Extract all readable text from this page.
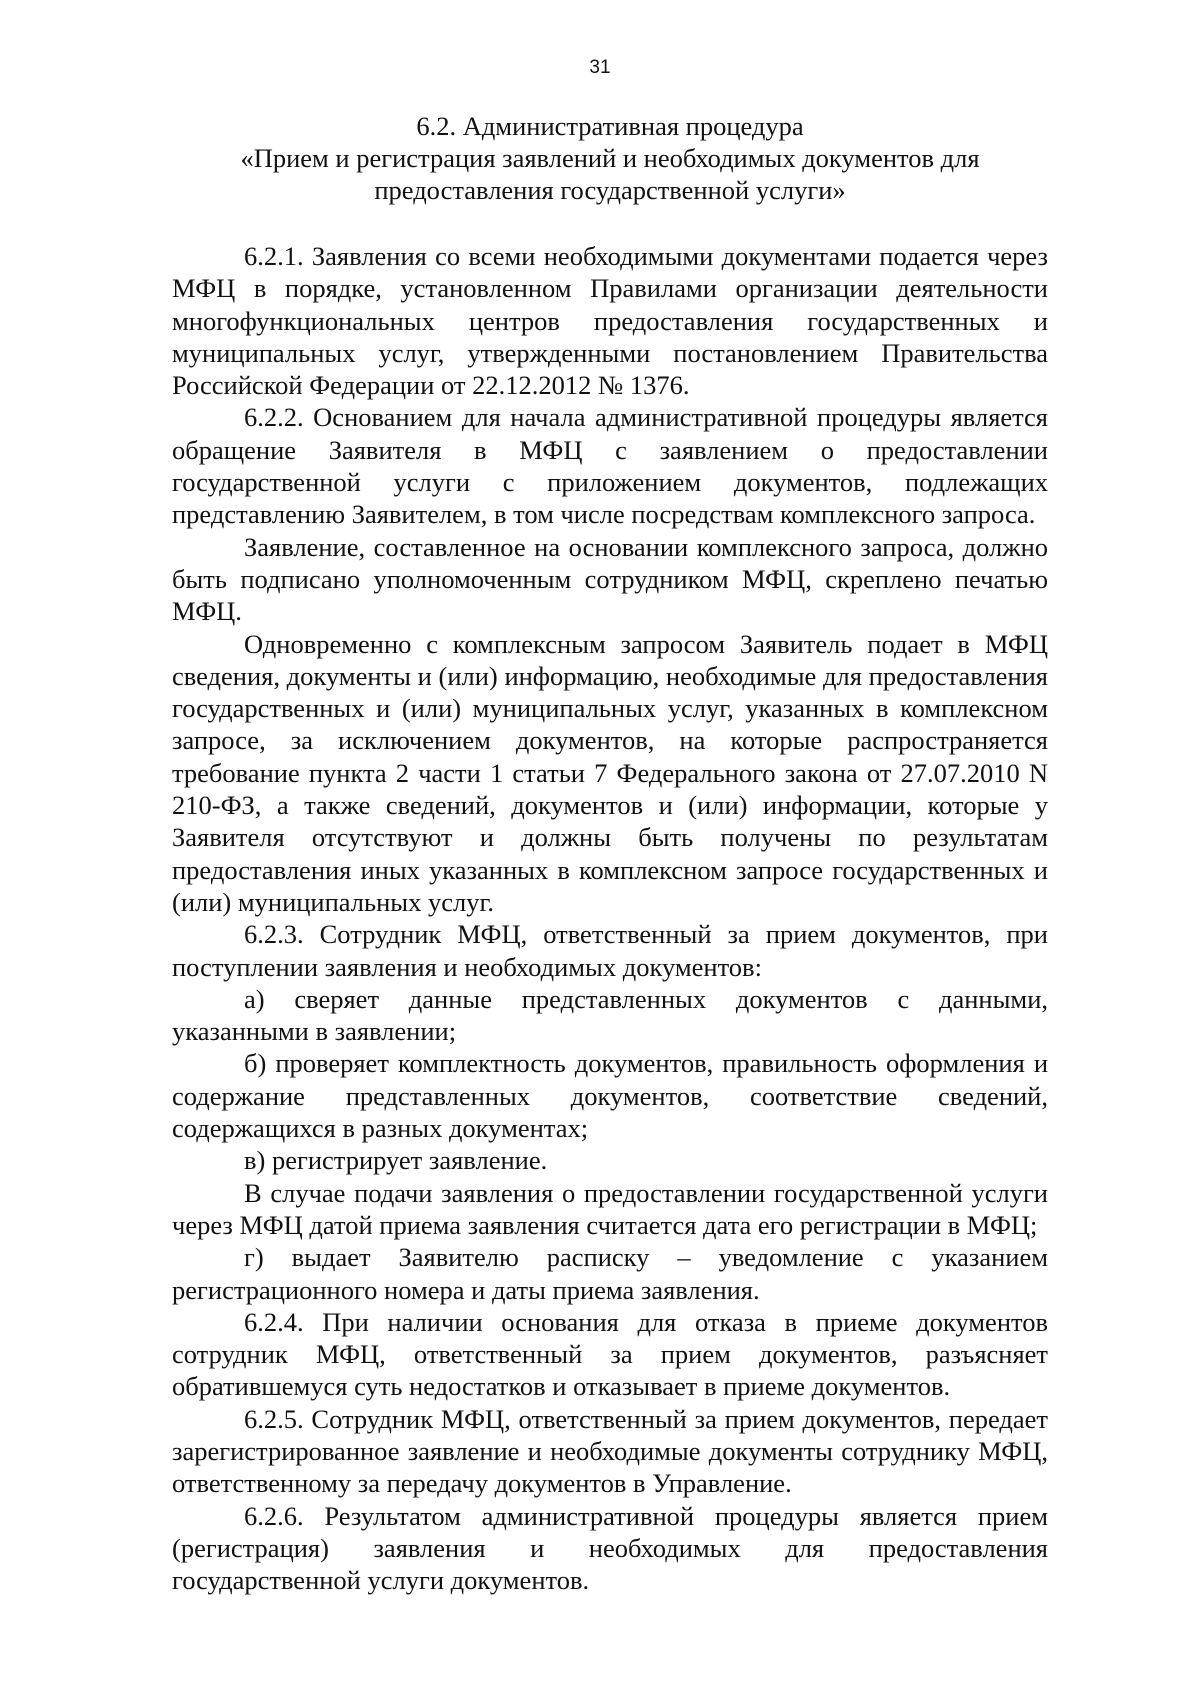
31
6.2. Административная процедура
«Прием и регистрация заявлений и необходимых документов для
предоставления государственной услуги»

6.2.1. Заявления со всеми необходимыми документами подается через МФЦ в порядке, установленном Правилами организации деятельности многофункциональных центров предоставления государственных и муниципальных услуг, утвержденными постановлением Правительства Российской Федерации от 22.12.2012 № 1376.

6.2.2. Основанием для начала административной процедуры является обращение Заявителя в МФЦ с заявлением о предоставлении государственной услуги с приложением документов, подлежащих представлению Заявителем, в том числе посредствам комплексного запроса.

Заявление, составленное на основании комплексного запроса, должно быть подписано уполномоченным сотрудником МФЦ, скреплено печатью МФЦ.

Одновременно с комплексным запросом Заявитель подает в МФЦ сведения, документы и (или) информацию, необходимые для предоставления государственных и (или) муниципальных услуг, указанных в комплексном запросе, за исключением документов, на которые распространяется требование пункта 2 части 1 статьи 7 Федерального закона от 27.07.2010 N 210-ФЗ, а также сведений, документов и (или) информации, которые у Заявителя отсутствуют и должны быть получены по результатам предоставления иных указанных в комплексном запросе государственных и (или) муниципальных услуг.

6.2.3. Сотрудник МФЦ, ответственный за прием документов, при поступлении заявления и необходимых документов:

а) сверяет данные представленных документов с данными, указанными в заявлении;

б) проверяет комплектность документов, правильность оформления и содержание представленных документов, соответствие сведений, содержащихся в разных документах;

в) регистрирует заявление.

В случае подачи заявления о предоставлении государственной услуги через МФЦ датой приема заявления считается дата его регистрации в МФЦ;

г) выдает Заявителю расписку – уведомление с указанием регистрационного номера и даты приема заявления.

6.2.4. При наличии основания для отказа в приеме документов сотрудник МФЦ, ответственный за прием документов, разъясняет обратившемуся суть недостатков и отказывает в приеме документов.

6.2.5. Сотрудник МФЦ, ответственный за прием документов, передает зарегистрированное заявление и необходимые документы сотруднику МФЦ, ответственному за передачу документов в Управление.

6.2.6. Результатом административной процедуры является прием (регистрация) заявления и необходимых для предоставления государственной услуги документов.
